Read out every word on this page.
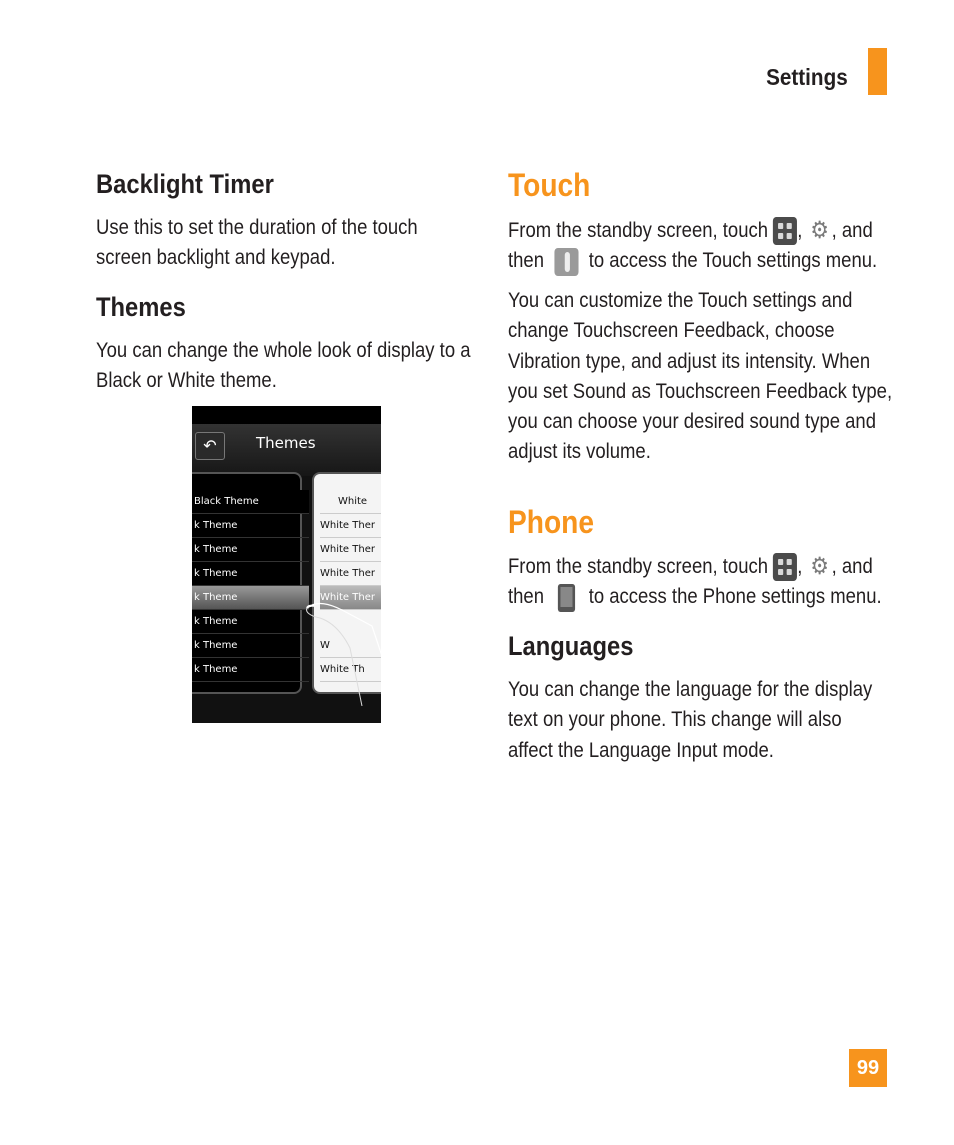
Settings
Backlight Timer
Use this to set the duration of the touch
screen backlight and keypad.
Themes
You can change the whole look of display to a
Black or White theme.
↶	Themes
Black Theme
k Theme
k Theme
k Theme
k Theme
k Theme
k Theme
k Theme
White
White Ther
White Ther
White Ther
White Ther
W
White Th
Touch
From the standby screen, touch , ⚙ , and
then to access the Touch settings menu.
You can customize the Touch settings and
change Touchscreen Feedback, choose
Vibration type, and adjust its intensity. When
you set Sound as Touchscreen Feedback type,
you can choose your desired sound type and
adjust its volume.
Phone
From the standby screen, touch , ⚙ , and
then to access the Phone settings menu.
Languages
You can change the language for the display
text on your phone. This change will also
affect the Language Input mode.
99
